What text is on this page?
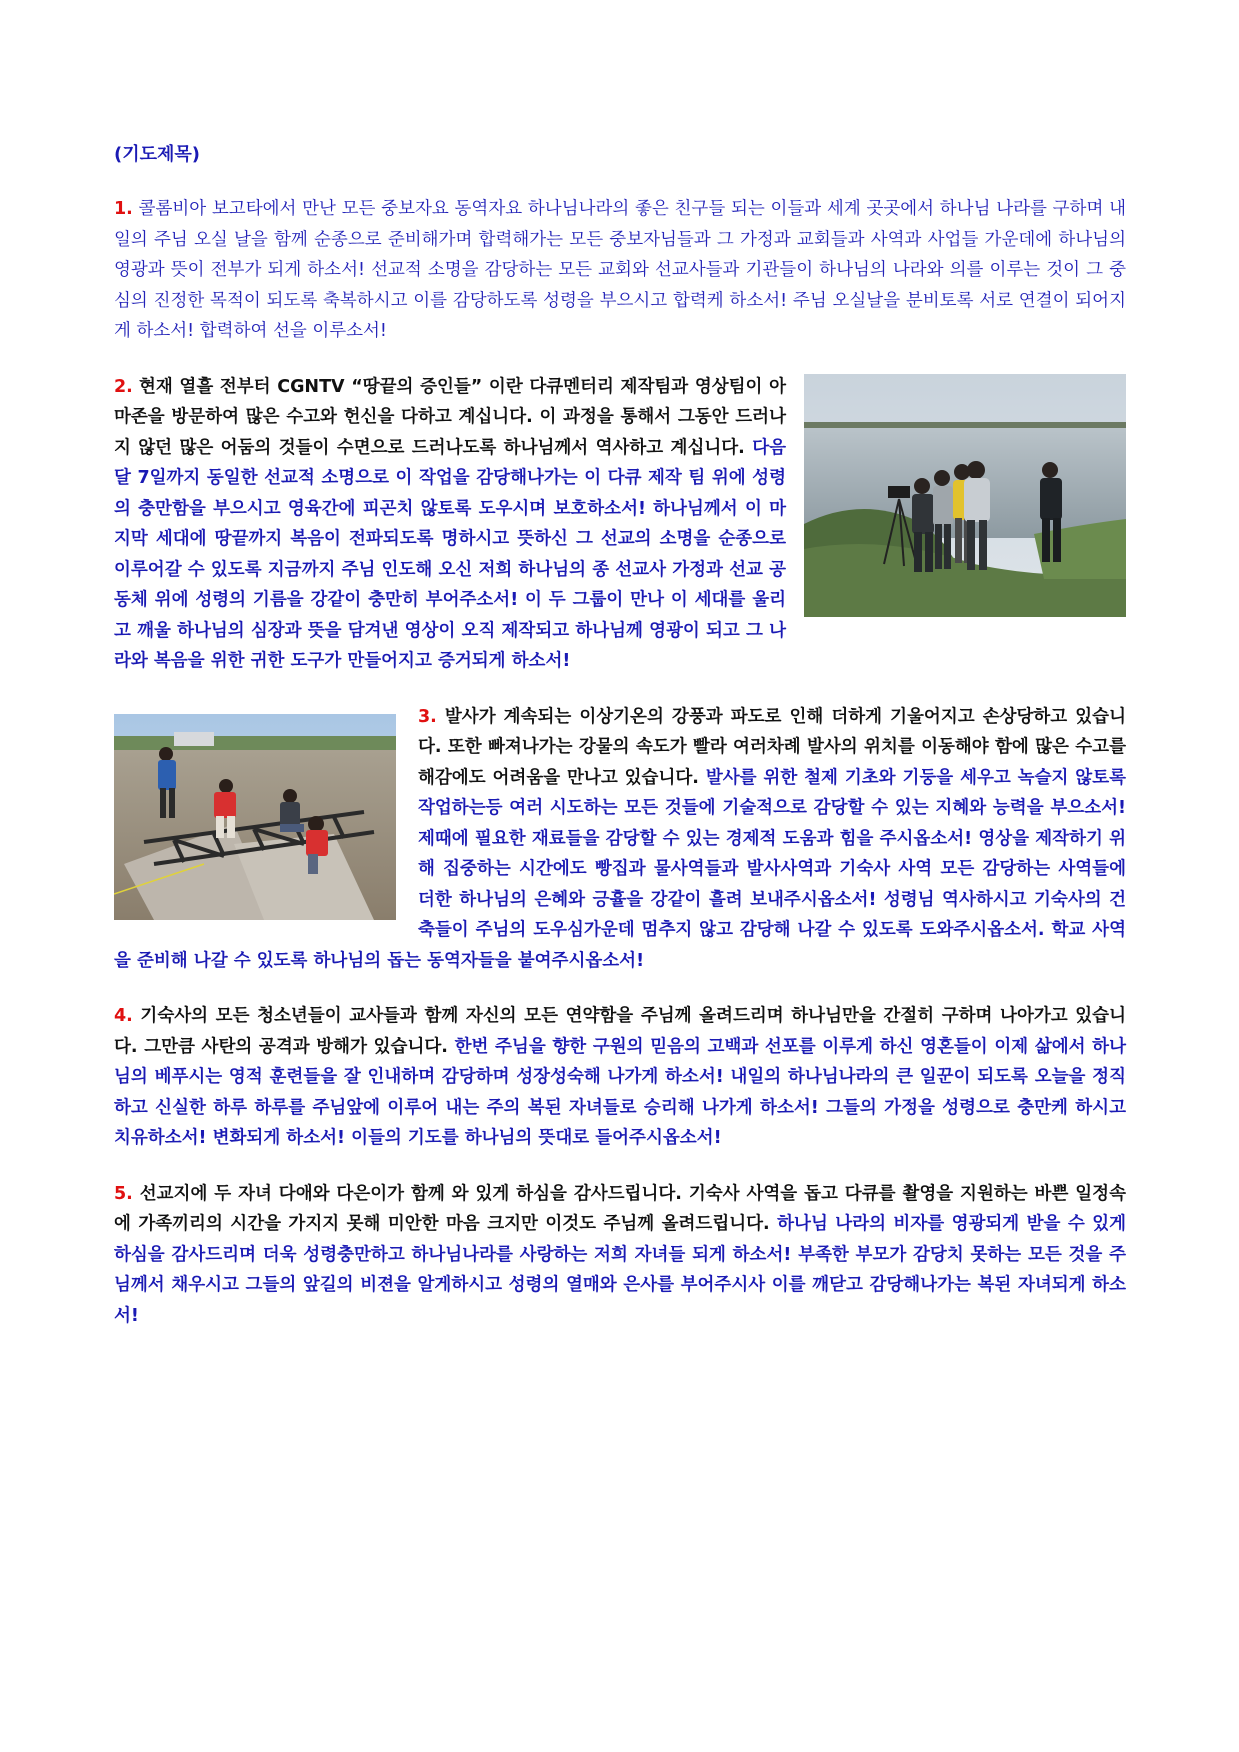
(기도제목)
1. 콜롬비아 보고타에서 만난 모든 중보자요 동역자요 하나님나라의 좋은 친구들 되는 이들과 세계 곳곳에서 하나님 나라를 구하며 내일의 주님 오실 날을 함께 순종으로 준비해가며 합력해가는 모든 중보자님들과 그 가정과 교회들과 사역과 사업들 가운데에 하나님의 영광과 뜻이 전부가 되게 하소서! 선교적 소명을 감당하는 모든 교회와 선교사들과 기관들이 하나님의 나라와 의를 이루는 것이 그 중심의 진정한 목적이 되도록 축복하시고 이를 감당하도록 성령을 부으시고 합력케 하소서! 주님 오실날을 분비토록 서로 연결이 되어지게 하소서! 합력하여 선을 이루소서!
2. 현재 열흘 전부터 CGNTV “땅끝의 증인들” 이란 다큐멘터리 제작팀과 영상팀이 아마존을 방문하여 많은 수고와 헌신을 다하고 계십니다. 이 과정을 통해서 그동안 드러나지 않던 많은 어둠의 것들이 수면으로 드러나도록 하나님께서 역사하고 계십니다. 다음 달 7일까지 동일한 선교적 소명으로 이 작업을 감당해나가는 이 다큐 제작 팀 위에 성령의 충만함을 부으시고 영육간에 피곤치 않토록 도우시며 보호하소서! 하나님께서 이 마지막 세대에 땅끝까지 복음이 전파되도록 명하시고 뜻하신 그 선교의 소명을 순종으로 이루어갈 수 있도록 지금까지 주님 인도해 오신 저희 하나님의 종 선교사 가정과 선교 공동체 위에 성령의 기름을 강같이 충만히 부어주소서! 이 두 그룹이 만나 이 세대를 울리고 깨울 하나님의 심장과 뜻을 담겨낸 영상이 오직 제작되고 하나님께 영광이 되고 그 나라와 복음을 위한 귀한 도구가 만들어지고 증거되게 하소서!
3. 발사가 계속되는 이상기온의 강풍과 파도로 인해 더하게 기울어지고 손상당하고 있습니다. 또한 빠져나가는 강물의 속도가 빨라 여러차례 발사의 위치를 이동해야 함에 많은 수고를 해감에도 어려움을 만나고 있습니다. 발사를 위한 철제 기초와 기둥을 세우고 녹슬지 않토록 작업하는등 여러 시도하는 모든 것들에 기술적으로 감당할 수 있는 지혜와 능력을 부으소서! 제때에 필요한 재료들을 감당할 수 있는 경제적 도움과 힘을 주시옵소서! 영상을 제작하기 위해 집중하는 시간에도 빵집과 물사역들과 발사사역과 기숙사 사역 모든 감당하는 사역들에 더한 하나님의 은혜와 긍휼을 강같이 흘려 보내주시옵소서! 성령님 역사하시고 기숙사의 건축들이 주님의 도우심가운데 멈추지 않고 감당해 나갈 수 있도록 도와주시옵소서. 학교 사역을 준비해 나갈 수 있도록 하나님의 돕는 동역자들을 붙여주시옵소서!
4. 기숙사의 모든 청소년들이 교사들과 함께 자신의 모든 연약함을 주님께 올려드리며 하나님만을 간절히 구하며 나아가고 있습니다. 그만큼 사탄의 공격과 방해가 있습니다. 한번 주님을 향한 구원의 믿음의 고백과 선포를 이루게 하신 영혼들이 이제 삶에서 하나님의 베푸시는 영적 훈련들을 잘 인내하며 감당하며 성장성숙해 나가게 하소서! 내일의 하나님나라의 큰 일꾼이 되도록 오늘을 정직하고 신실한 하루 하루를 주님앞에 이루어 내는 주의 복된 자녀들로 승리해 나가게 하소서! 그들의 가정을 성령으로 충만케 하시고 치유하소서! 변화되게 하소서! 이들의 기도를 하나님의 뜻대로 들어주시옵소서!
5. 선교지에 두 자녀 다애와 다은이가 함께 와 있게 하심을 감사드립니다. 기숙사 사역을 돕고 다큐를 촬영을 지원하는 바쁜 일정속에 가족끼리의 시간을 가지지 못해 미안한 마음 크지만 이것도 주님께 올려드립니다. 하나님 나라의 비자를 영광되게 받을 수 있게 하심을 감사드리며 더욱 성령충만하고 하나님나라를 사랑하는 저희 자녀들 되게 하소서! 부족한 부모가 감당치 못하는 모든 것을 주님께서 채우시고 그들의 앞길의 비젼을 알게하시고 성령의 열매와 은사를 부어주시사 이를 깨닫고 감당해나가는 복된 자녀되게 하소서!
